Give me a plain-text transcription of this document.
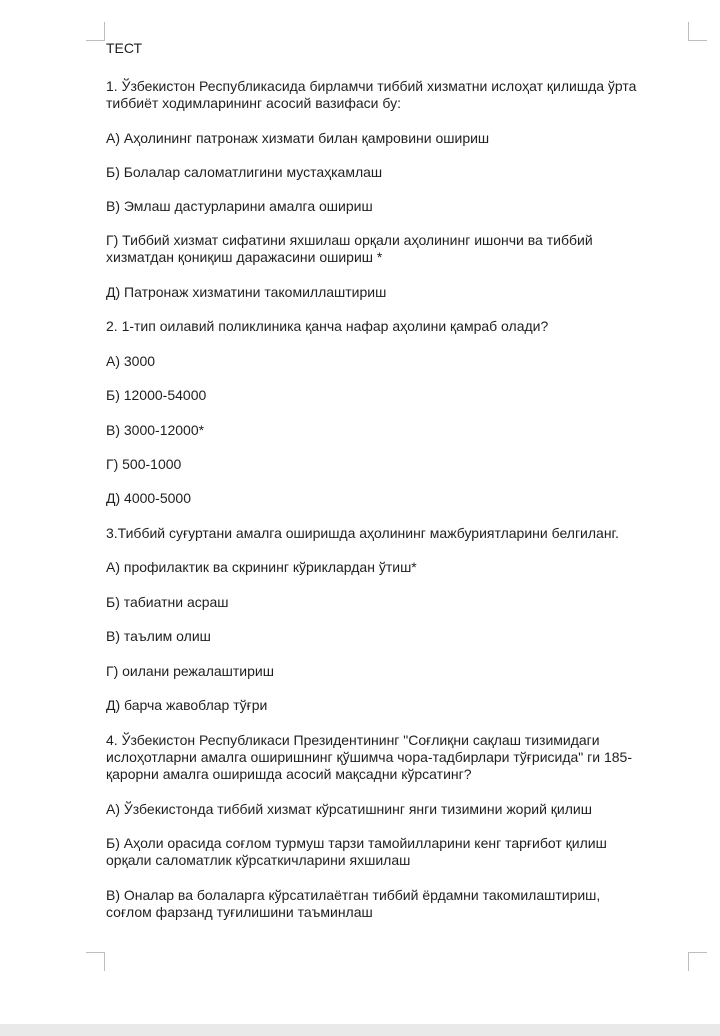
ТЕСТ
1. Ўзбекистон Республикасида бирламчи тиббий хизматни ислоҳат қилишда ўрта
тиббиёт ходимларининг асосий вазифаси бу:
А) Аҳолининг патронаж хизмати билан қамровини ошириш
Б) Болалар саломатлигини мустаҳкамлаш
В) Эмлаш дастурларини амалга ошириш
Г) Тиббий хизмат сифатини яхшилаш орқали аҳолининг ишончи ва тиббий
хизматдан қониқиш даражасини ошириш *
Д) Патронаж хизматини такомиллаштириш
2. 1-тип оилавий поликлиника қанча нафар аҳолини қамраб олади?
А) 3000
Б) 12000-54000
В) 3000-12000*
Г) 500-1000
Д) 4000-5000
3.Тиббий суғуртани амалга оширишда аҳолининг мажбуриятларини белгиланг.
А) профилактик ва скрининг кўриклардан ўтиш*
Б) табиатни асраш
В) таълим олиш
Г) оилани режалаштириш
Д) барча жавоблар тўғри
4. Ўзбекистон Республикаси Президентининг "Соғлиқни сақлаш тизимидаги
ислоҳотларни амалга оширишнинг қўшимча чора-тадбирлари тўғрисида" ги 185-
қарорни амалга оширишда асосий мақсадни кўрсатинг?
А) Ўзбекистонда тиббий хизмат кўрсатишнинг янги тизимини жорий қилиш
Б) Аҳоли орасида соғлом турмуш тарзи тамойилларини кенг тарғибот қилиш
орқали саломатлик кўрсаткичларини яхшилаш
В) Оналар ва болаларга кўрсатилаётган тиббий ёрдамни такомилаштириш,
соғлом фарзанд туғилишини таъминлаш
